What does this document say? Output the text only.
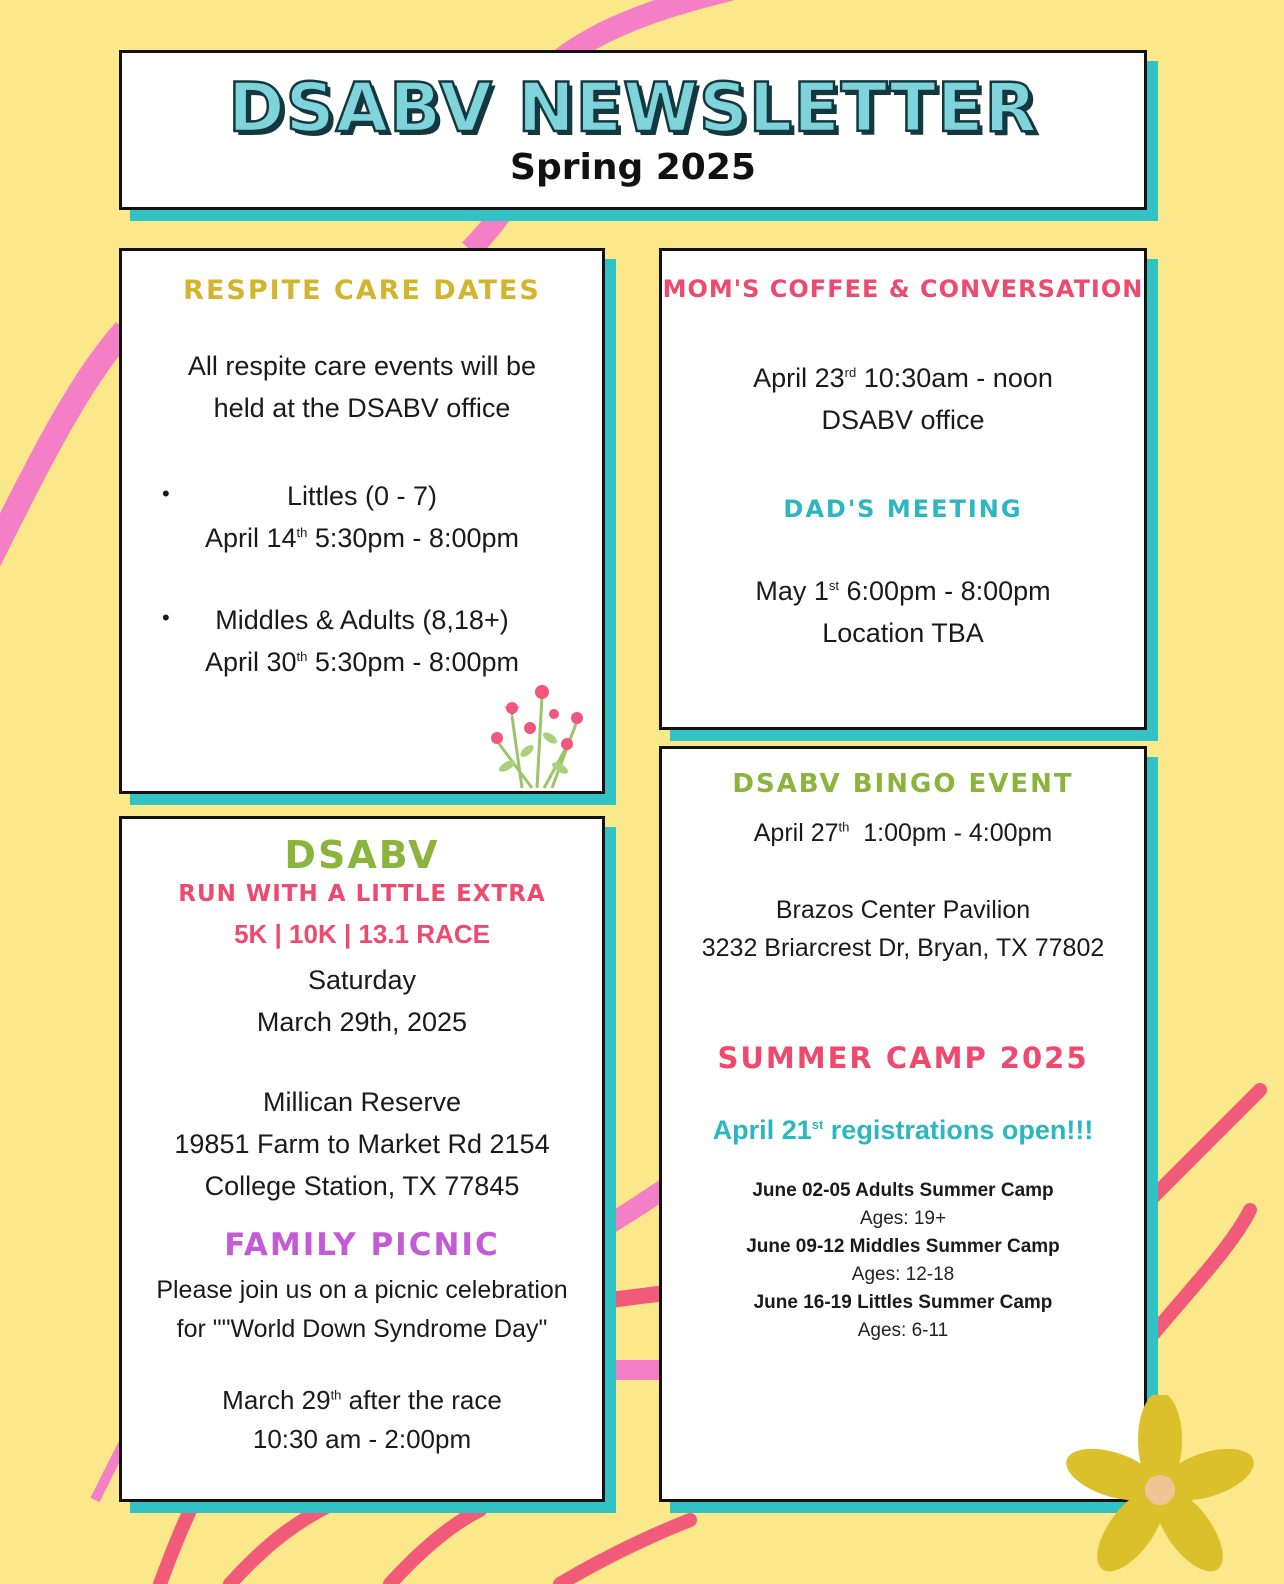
DSABV NEWSLETTER
Spring 2025
RESPITE CARE DATES
All respite care events will be
held at the DSABV office
•	Littles (0 - 7)
April 14th 5:30pm - 8:00pm
•	Middles & Adults (8,18+)
April 30th 5:30pm - 8:00pm
MOM'S COFFEE & CONVERSATION
April 23rd 10:30am - noon
DSABV office
DAD'S MEETING
May 1st 6:00pm - 8:00pm
Location TBA
DSABV
RUN WITH A LITTLE EXTRA
5K | 10K | 13.1 RACE
Saturday
March 29th, 2025
Millican Reserve
19851 Farm to Market Rd 2154
College Station, TX 77845
FAMILY PICNIC
Please join us on a picnic celebration
for ""World Down Syndrome Day"
March 29th after the race
10:30 am - 2:00pm
DSABV BINGO EVENT
April 27th  1:00pm - 4:00pm
Brazos Center Pavilion
3232 Briarcrest Dr, Bryan, TX 77802
SUMMER CAMP 2025
April 21st registrations open!!!
June 02-05 Adults Summer Camp
Ages: 19+
June 09-12 Middles Summer Camp
Ages: 12-18
June 16-19 Littles Summer Camp
Ages: 6-11
